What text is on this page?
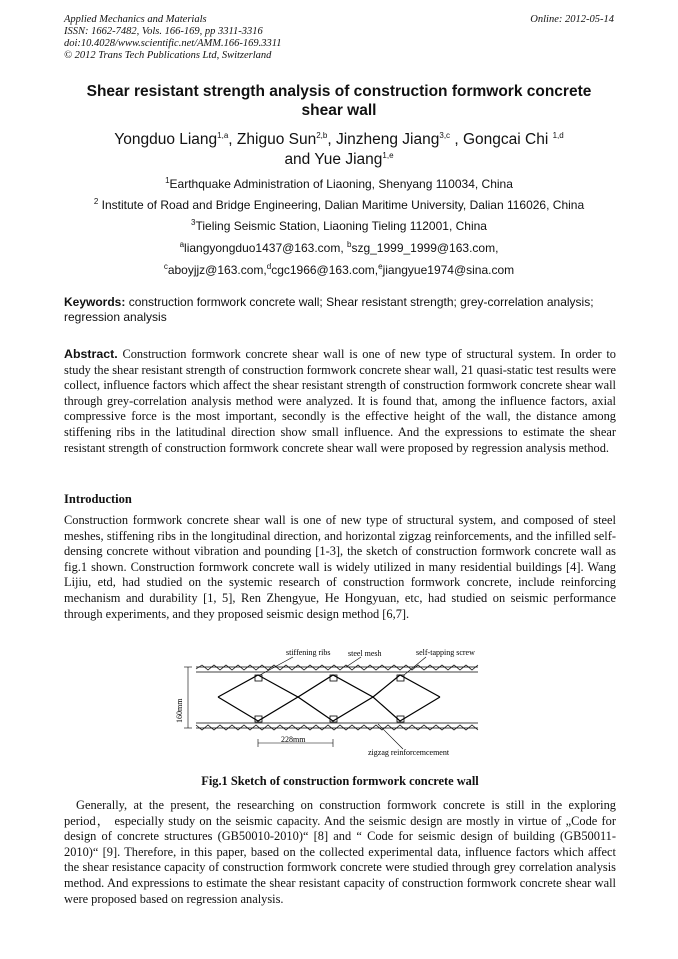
Applied Mechanics and Materials
ISSN: 1662-7482, Vols. 166-169, pp 3311-3316
doi:10.4028/www.scientific.net/AMM.166-169.3311
© 2012 Trans Tech Publications Ltd, Switzerland
Online: 2012-05-14
Shear resistant strength analysis of construction formwork concrete shear wall
Yongduo Liang$^{1,a}$, Zhiguo Sun$^{2,b}$, Jinzheng Jiang$^{3,c}$ , Gongcai Chi $^{1,d}$
and Yue Jiang$^{1,e}$
$^1$Earthquake Administration of Liaoning, Shenyang 110034, China
$^2$ Institute of Road and Bridge Engineering, Dalian Maritime University, Dalian 116026, China
$^3$Tieling Seismic Station, Liaoning Tieling 112001, China
$^a$liangyongduo1437@163.com, $^b$szg_1999_1999@163.com,
$^c$aboyjjz@163.com,$^d$cgc1966@163.com,$^e$jiangyue1974@sina.com
Keywords: construction formwork concrete wall; Shear resistant strength; grey-correlation analysis; regression analysis
Abstract. Construction formwork concrete shear wall is one of new type of structural system. In order to study the shear resistant strength of construction formwork concrete shear wall, 21 quasi-static test results were collect, influence factors which affect the shear resistant strength of construction formwork concrete shear wall through grey-correlation analysis method were analyzed. It is found that, among the influence factors, axial compressive force is the most important, secondly is the effective height of the wall, the distance among stiffening ribs in the latitudinal direction show small influence. And the expressions to estimate the shear resistant strength of construction formwork concrete shear wall were proposed by regression analysis method.
Introduction
Construction formwork concrete shear wall is one of new type of structural system, and composed of steel meshes, stiffening ribs in the longitudinal direction, and horizontal zigzag reinforcements, and the infilled self-densing concrete without vibration and pounding [1-3], the sketch of construction formwork concrete wall as fig.1 shown. Construction formwork concrete wall is widely utilized in many residential buildings [4]. Wang Lijiu, etd, had studied on the systemic research of construction formwork concrete, include reinforcing mechanism and durability [1, 5], Ren Zhengyue, He Hongyuan, etc, had studied on seismic performance through experiments, and they proposed seismic design method [6,7].
stiffening ribs steel mesh	self-tapping screw
160mm
228mm
zigzag reinforcemcement
Fig.1 Sketch of construction formwork concrete wall
Generally, at the present, the researching on construction formwork concrete is still in the exploring period， especially study on the seismic capacity. And the seismic design are mostly in virtue of „Code for design of concrete structures (GB50010-2010)“ [8] and “ Code for seismic design of building (GB50011-2010)“ [9]. Therefore, in this paper, based on the collected experimental data, influence factors which affect the shear resistance capacity of construction formwork concrete were studied through grey correlation analysis method. And expressions to estimate the shear resistant capacity of construction formwork concrete shear wall were proposed based on regression analysis.
